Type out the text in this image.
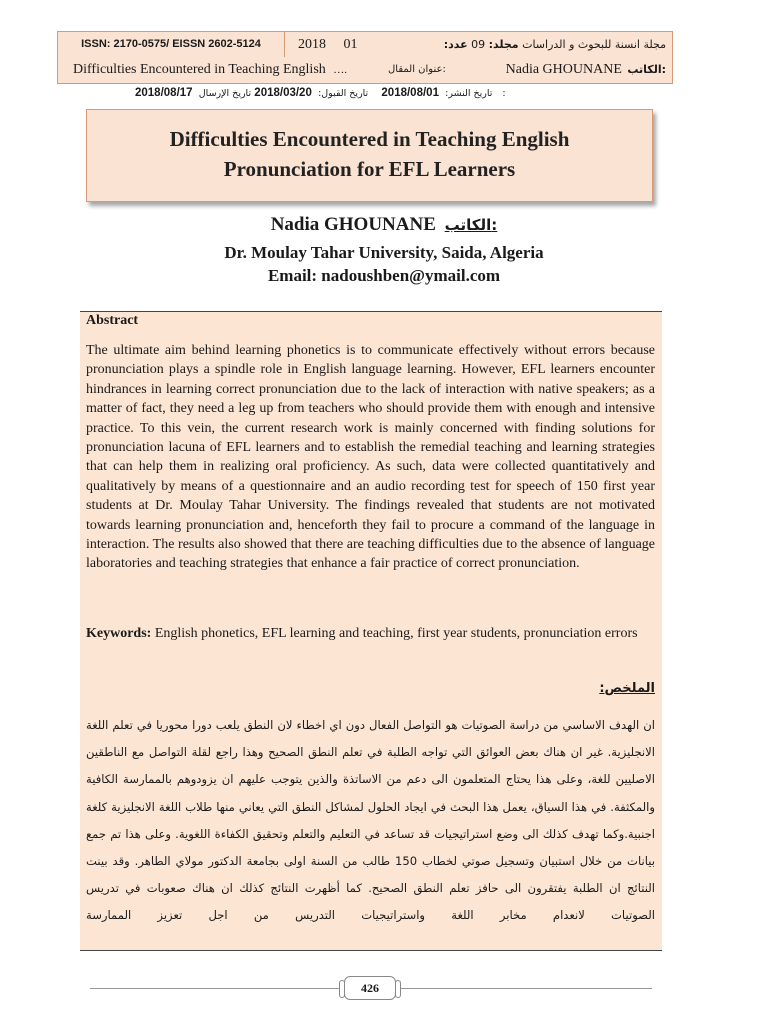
ISSN: 2170-0575/ EISSN 2602-5124	2018 01	مجلة انسنة للبحوث و الدراسات مجلد: 09 عدد:
Difficulties Encountered in Teaching English ….	عنوان المقال:	Nadia GHOUNANE الكاتب:
2018/08/17	تاريخ النشر: 2018/08/01 تاريخ القبول: 2018/03/20 تاريخ الإرسال:
Difficulties Encountered in Teaching English
Pronunciation for EFL Learners
Nadia GHOUNANE الكاتب:
Dr. Moulay Tahar University, Saida, Algeria
Email: nadoushben@ymail.com
Abstract

The ultimate aim behind learning phonetics is to communicate effectively without errors because pronunciation plays a spindle role in English language learning. However, EFL learners encounter hindrances in learning correct pronunciation due to the lack of interaction with native speakers; as a matter of fact, they need a leg up from teachers who should provide them with enough and intensive practice. To this vein, the current research work is mainly concerned with finding solutions for pronunciation lacuna of EFL learners and to establish the remedial teaching and learning strategies that can help them in realizing oral proficiency. As such, data were collected quantitatively and qualitatively by means of a questionnaire and an audio recording test for speech of 150 first year students at Dr. Moulay Tahar University. The findings revealed that students are not motivated towards learning pronunciation and, henceforth they fail to procure a command of the language in interaction. The results also showed that there are teaching difficulties due to the absence of language laboratories and teaching strategies that enhance a fair practice of correct pronunciation.

Keywords: English phonetics, EFL learning and teaching, first year students, pronunciation errors

الملخص:

ان الهدف الاساسي من دراسة الصوتيات هو التواصل الفعال دون اي اخطاء لان النطق يلعب دورا محوريا في تعلم اللغة الانجليزية. غير ان هناك بعض العوائق التي تواجه الطلبة في تعلم النطق الصحيح وهذا راجع لقلة التواصل مع الناطقين الاصليين للغة، وعلى هذا يحتاج المتعلمون الى دعم من الاساتذة والذين يتوجب عليهم ان يزودوهم بالممارسة الكافية والمكثفة. في هذا السياق، يعمل هذا البحث في ايجاد الحلول لمشاكل النطق التي يعاني منها طلاب اللغة الانجليزية كلغة اجنبية.وكما تهدف كذلك الى وضع استراتيجيات قد تساعد في التعليم والتعلم وتحقيق الكفاءة اللغوية. وعلى هذا تم جمع بيانات من خلال استبيان وتسجيل صوتي لخطاب 150 طالب من السنة اولى بجامعة الدكتور مولاي الطاهر. وقد بينت النتائج ان الطلبة يفتقرون الى حافز تعلم النطق الصحيح. كما أظهرت النتائج كذلك ان هناك صعوبات في تدريس الصوتيات لانعدام مخابر اللغة واستراتيجيات التدريس من اجل تعزيز الممارسة

426
